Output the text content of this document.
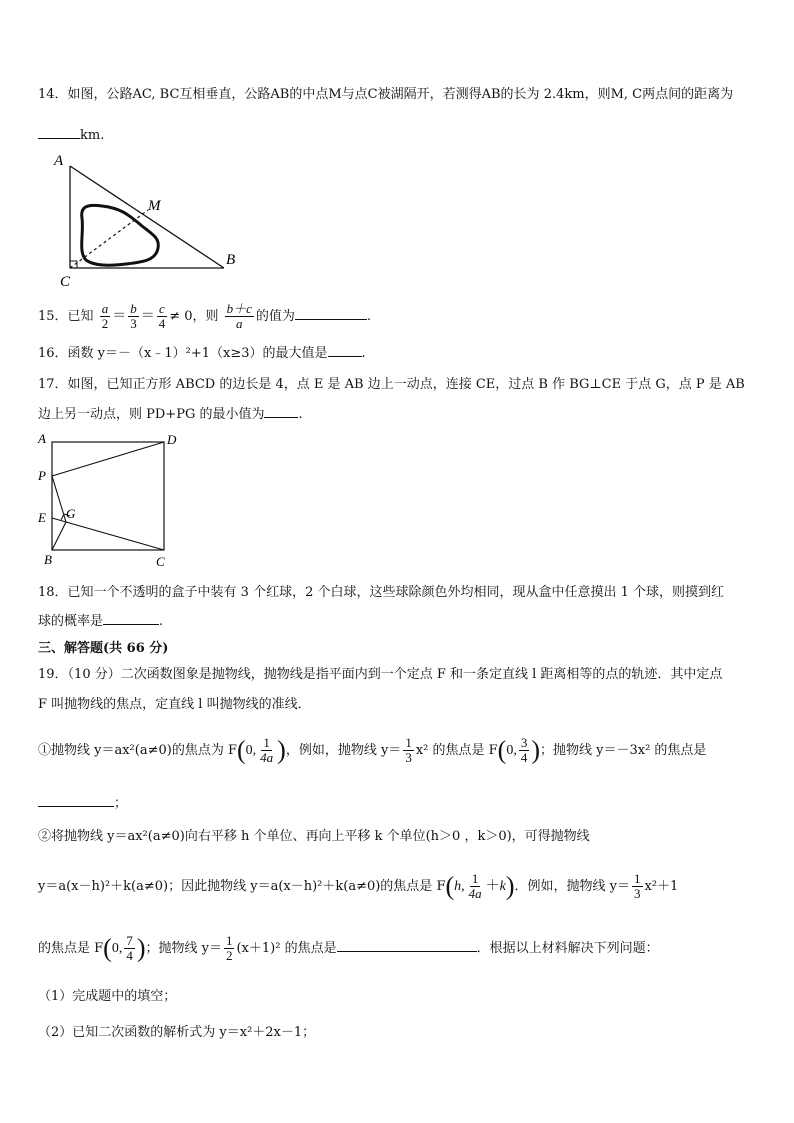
14．如图，公路AC, BC互相垂直，公路AB的中点M与点C被湖隔开，若测得AB的长为 2.4km，则M, C两点间的距离为
km.
A
M
B
C
15．已知 $\frac{a}{2} = \frac{b}{3} = \frac{c}{4} \ne 0$，则 $\frac{b+c}{a}$ 的值为	.
16．函数 y＝－（x﹣1）²+1（x≥3）的最大值是	.
17．如图，已知正方形 ABCD 的边长是 4，点 E 是 AB 边上一动点，连接 CE，过点 B 作 BG⊥CE 于点 G，点 P 是 AB
边上另一动点，则 PD+PG 的最小值为	.
A	D
P
E G
B	C
18．已知一个不透明的盒子中装有 3 个红球，2 个白球，这些球除颜色外均相同，现从盒中任意摸出 1 个球，则摸到红
球的概率是	.
三、解答题(共 66 分)
19．（10 分）二次函数图象是抛物线，抛物线是指平面内到一个定点 F 和一条定直线 l 距离相等的点的轨迹．其中定点
F 叫抛物线的焦点，定直线 l 叫抛物线的准线．
①抛物线 y＝ax²(a≠0)的焦点为 F(0, $\frac{1}{4a}$ )，例如，抛物线 $y= \frac{1}{3} x^2$ 的焦点是 F(0, $\frac{3}{4}$ )；抛物线 y＝－3x² 的焦点是
；
②将抛物线 y＝ax²(a≠0)向右平移 h 个单位、再向上平移 k 个单位(h＞0 ，k＞0)，可得抛物线
y＝a(x－h)²＋k(a≠0)；因此抛物线 y＝a(x－h)²＋k(a≠0)的焦点是 F(h, $\frac{1}{4a} +k$)．例如，抛物线 $y= \frac{1}{3} x^2+1$
的焦点是 F(0, $\frac{7}{4}$ )；抛物线 $y= \frac{1}{2} (x+1)^2$ 的焦点是	．根据以上材料解决下列问题：
（1）完成题中的填空；
（2）已知二次函数的解析式为 y＝x²＋2x－1；
